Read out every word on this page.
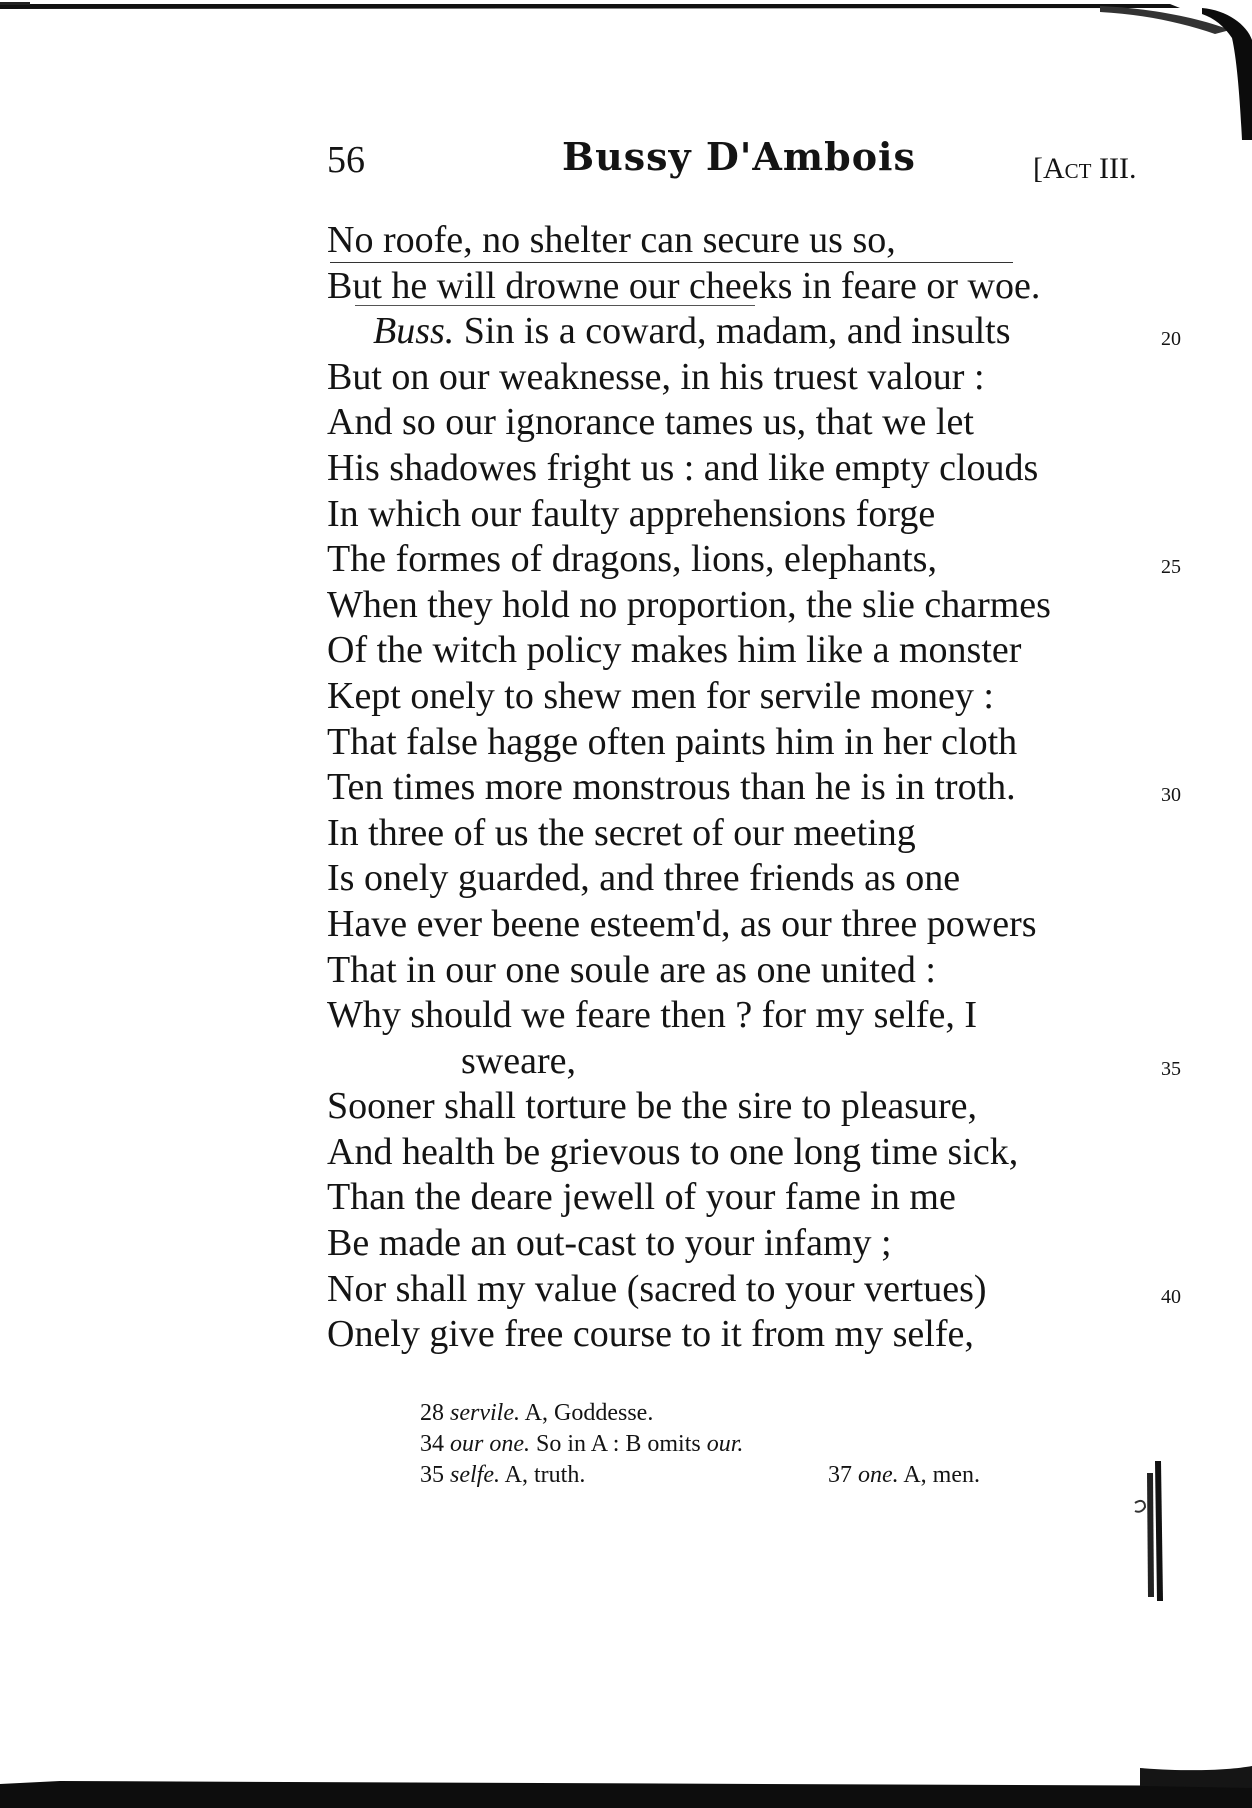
56	Bussy D'Ambois	[Act III.
No roofe, no shelter can secure us so,
But he will drowne our cheeks in feare or woe.
Buss. Sin is a coward, madam, and insults	20
But on our weaknesse, in his truest valour :
And so our ignorance tames us, that we let
His shadowes fright us : and like empty clouds
In which our faulty apprehensions forge
The formes of dragons, lions, elephants,	25
When they hold no proportion, the slie charmes
Of the witch policy makes him like a monster
Kept onely to shew men for servile money :
That false hagge often paints him in her cloth
Ten times more monstrous than he is in troth.	30
In three of us the secret of our meeting
Is onely guarded, and three friends as one
Have ever beene esteem'd, as our three powers
That in our one soule are as one united :
Why should we feare then ? for my selfe, I
sweare,	35
Sooner shall torture be the sire to pleasure,
And health be grievous to one long time sick,
Than the deare jewell of your fame in me
Be made an out-cast to your infamy ;
Nor shall my value (sacred to your vertues)	40
Onely give free course to it from my selfe,
28 servile. A, Goddesse.
34 our one. So in A : B omits our.
35 selfe. A, truth.	37 one. A, men.
